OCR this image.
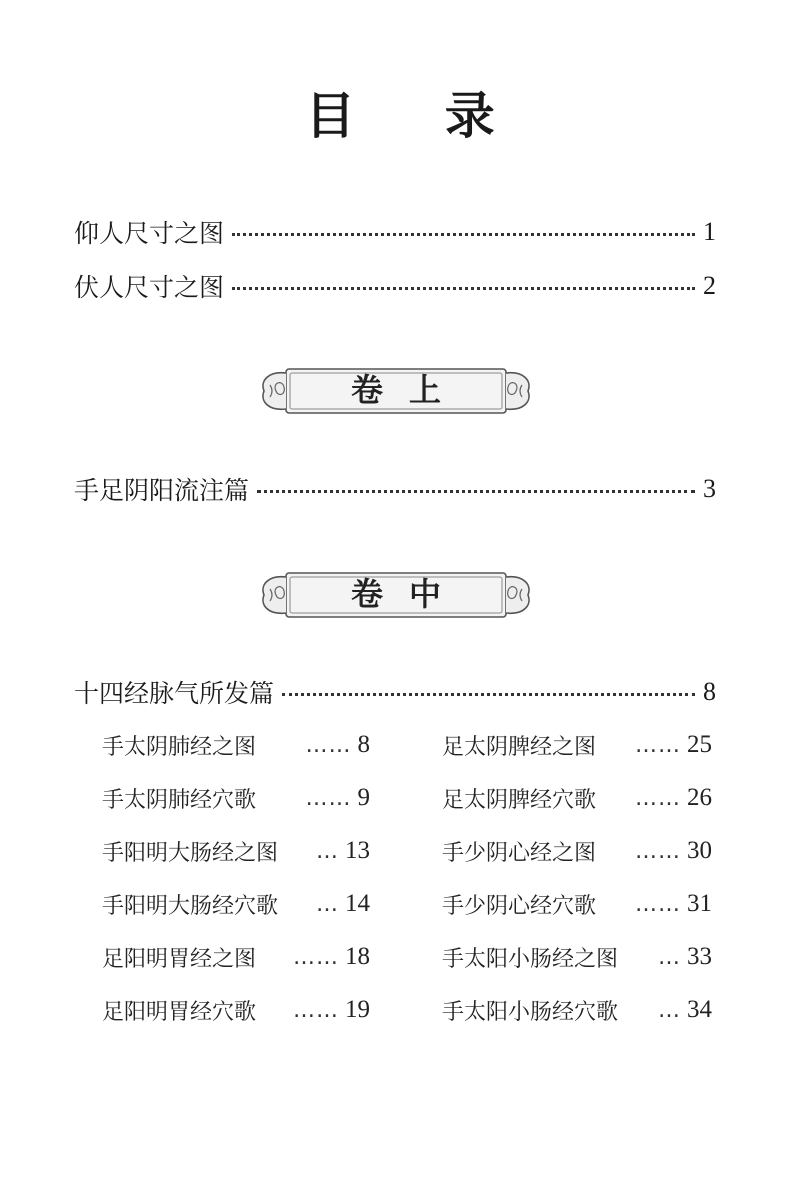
目 录
仰人尺寸之图	1
伏人尺寸之图	2
卷上
手足阴阳流注篇	3
卷中
十四经脉气所发篇	8
手太阴肺经之图	…… 8
手太阴肺经穴歌	…… 9
手阳明大肠经之图	… 13
手阳明大肠经穴歌	… 14
足阳明胃经之图	…… 18
足阳明胃经穴歌	…… 19
足太阴脾经之图	…… 25
足太阴脾经穴歌	…… 26
手少阴心经之图	…… 30
手少阴心经穴歌	…… 31
手太阳小肠经之图	… 33
手太阳小肠经穴歌	… 34
